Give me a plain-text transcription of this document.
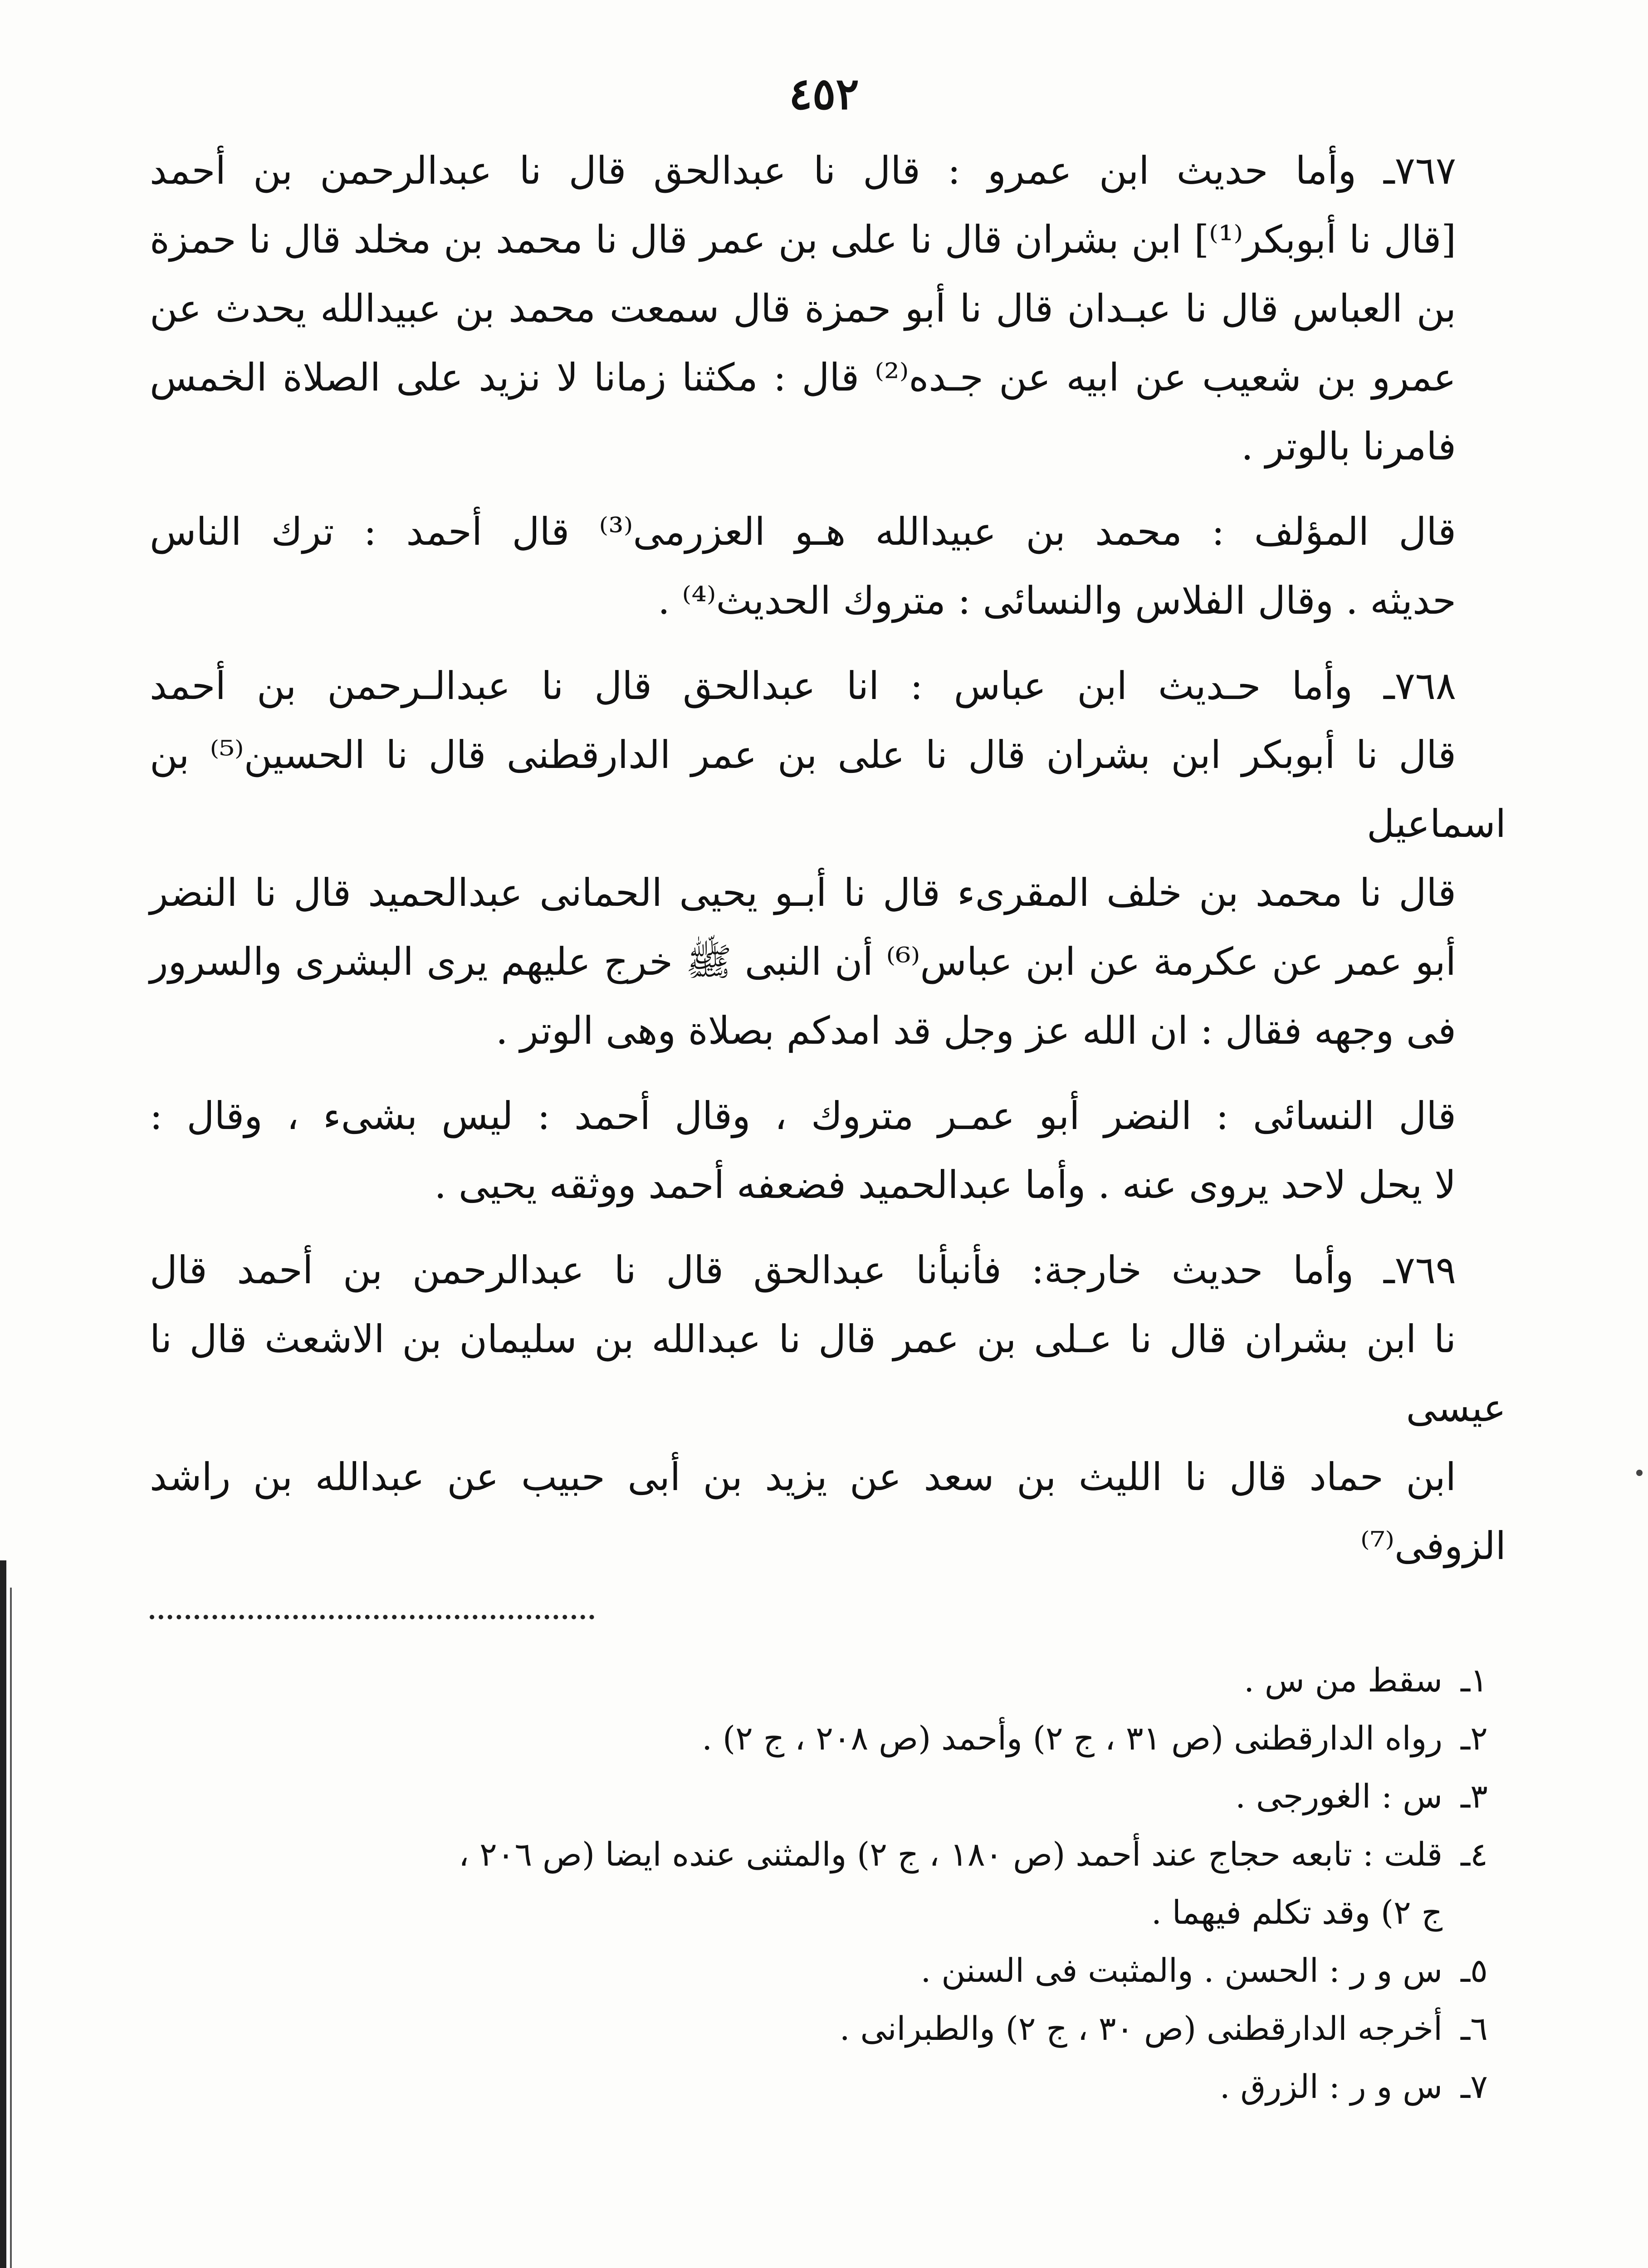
٤٥٢

٧٦٧ـ وأما حديث ابن عمرو : قال نا عبدالحق قال نا عبدالرحمن بن أحمد
[قال نا أبوبكر⁽¹⁾] ابن بشران قال نا على بن عمر قال نا محمد بن مخلد قال نا حمزة
بن العباس قال نا عبـدان قال نا أبو حمزة قال سمعت محمد بن عبيدالله يحدث عن
عمرو بن شعيب عن ابيه عن جـده⁽²⁾ قال : مكثنا زمانا لا نزيد على الصلاة الخمس
فامرنا بالوتر .

قال المؤلف : محمد بن عبيدالله هـو العزرمى⁽³⁾ قال أحمد : ترك الناس
حديثه . وقال الفلاس والنسائى : متروك الحديث⁽⁴⁾ .

٧٦٨ـ وأما حـديث ابن عباس : انا عبدالحق قال نا عبدالـرحمن بن أحمد
قال نا أبوبكر ابن بشران قال نا على بن عمر الدارقطنى قال نا الحسين⁽⁵⁾ بن اسماعيل
قال نا محمد بن خلف المقرىء قال نا أبـو يحيى الحمانى عبدالحميد قال نا النضر
أبو عمر عن عكرمة عن ابن عباس⁽⁶⁾ أن النبى ﷺ خرج عليهم يرى البشرى والسرور
فى وجهه فقال : ان الله عز وجل قد امدكم بصلاة وهى الوتر .

قال النسائى : النضر أبو عمـر متروك ، وقال أحمد : ليس بشىء ، وقال :
لا يحل لاحد يروى عنه . وأما عبدالحميد فضعفه أحمد ووثقه يحيى .

٧٦٩ـ وأما حديث خارجة: فأنبأنا عبدالحق قال نا عبدالرحمن بن أحمد قال
نا ابن بشران قال نا عـلى بن عمر قال نا عبدالله بن سليمان بن الاشعث قال نا عيسى
ابن حماد قال نا الليث بن سعد عن يزيد بن أبى حبيب عن عبدالله بن راشد الزوفى⁽⁷⁾

١ـ
سقط من س .
٢ـ
رواه الدارقطنى (ص ٣١ ، ج ٢) وأحمد (ص ٢٠٨ ، ج ٢) .
٣ـ
س : الغورجى .
٤ـ
قلت : تابعه حجاج عند أحمد (ص ١٨٠ ، ج ٢) والمثنى عنده ايضا (ص ٢٠٦ ،
ج ٢) وقد تكلم فيهما .
٥ـ
س و ر : الحسن . والمثبت فى السنن .
٦ـ
أخرجه الدارقطنى (ص ٣٠ ، ج ٢) والطبرانى .
٧ـ
س و ر : الزرق .
